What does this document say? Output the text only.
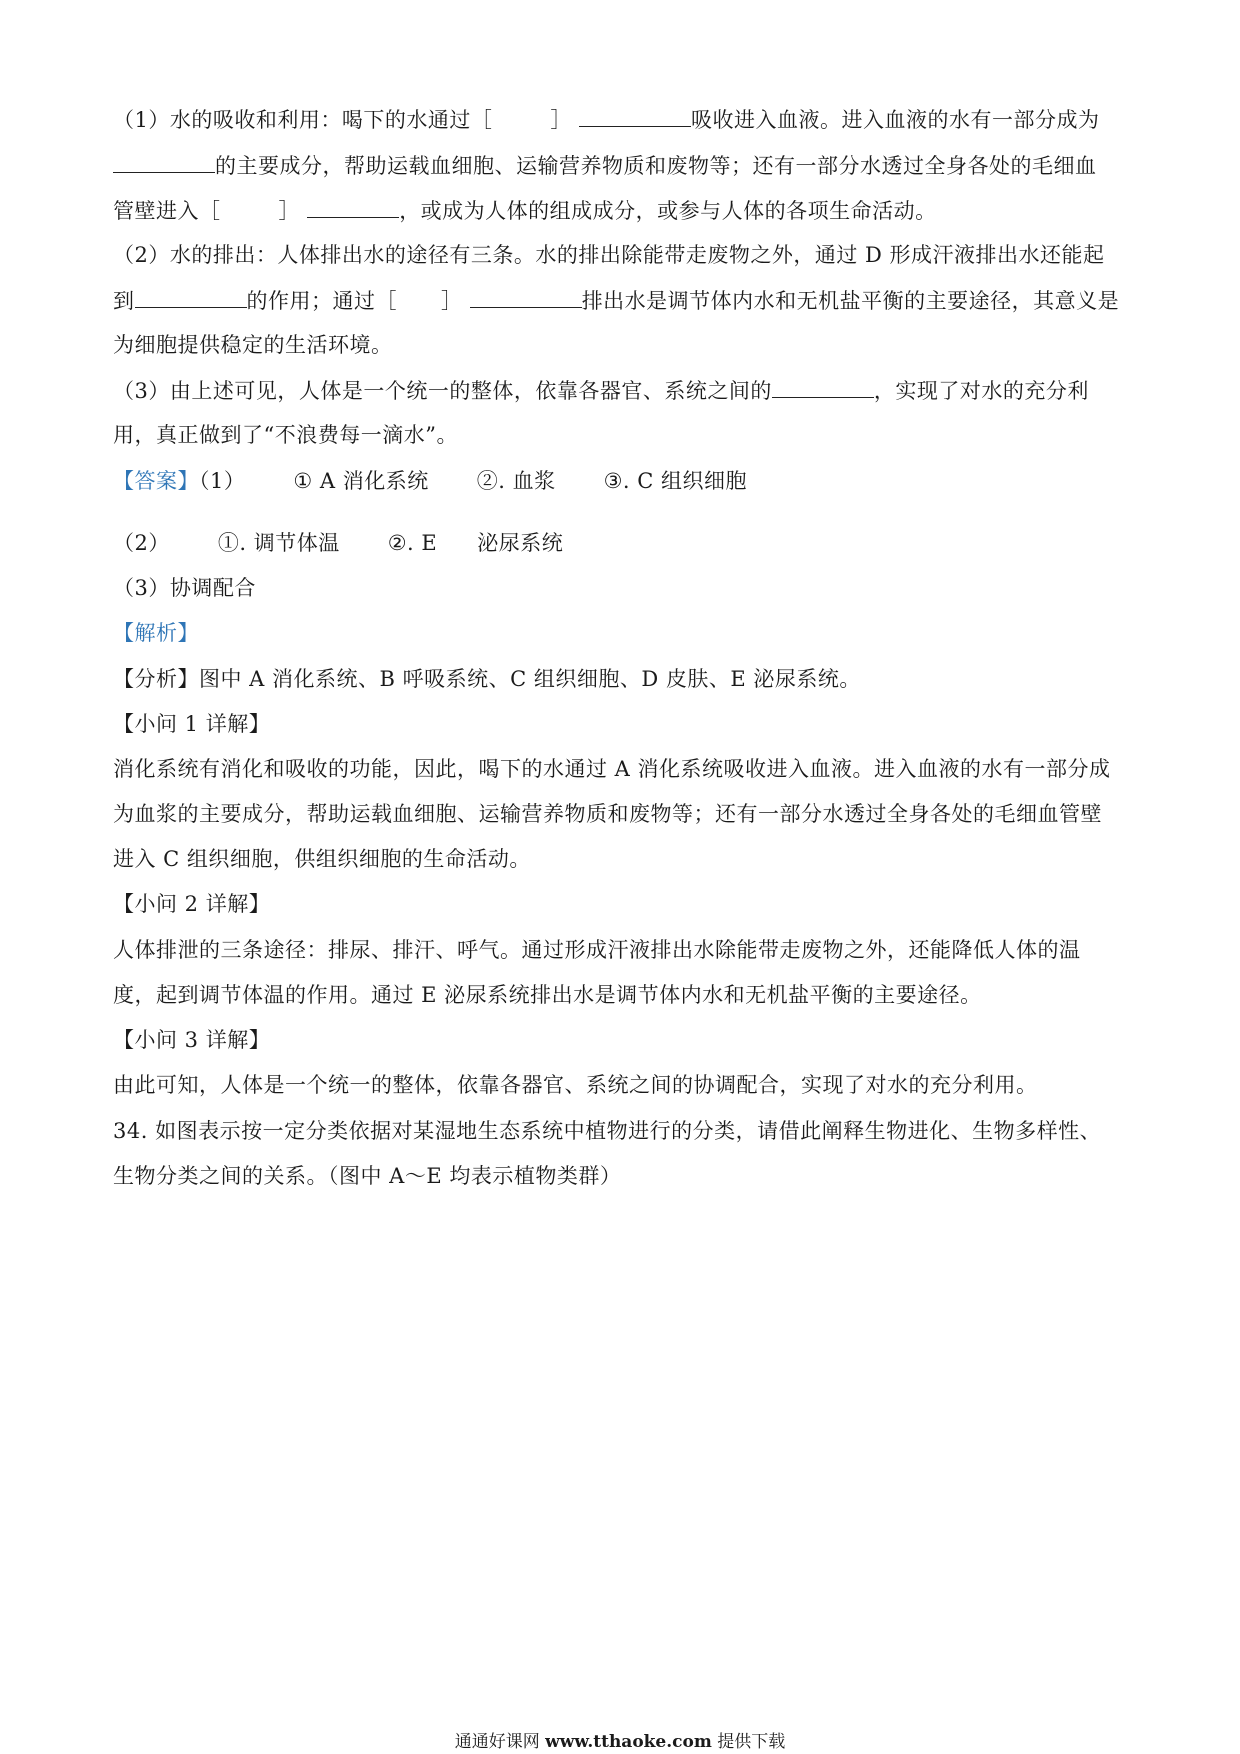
（1）水的吸收和利用：喝下的水通过［	］	吸收进入血液。进入血液的水有一部分成为
的主要成分，帮助运载血细胞、运输营养物质和废物等；还有一部分水透过全身各处的毛细血
管壁进入［	］	，或成为人体的组成成分，或参与人体的各项生命活动。
（2）水的排出：人体排出水的途径有三条。水的排出除能带走废物之外，通过 D 形成汗液排出水还能起
到	的作用；通过［ ］	排出水是调节体内水和无机盐平衡的主要途径，其意义是
为细胞提供稳定的生活环境。
（3）由上述可见，人体是一个统一的整体，依靠各器官、系统之间的	，实现了对水的充分利
用，真正做到了“不浪费每一滴水”。
【答案】（1） ① A 消化系统 ②. 血浆 ③. C 组织细胞
（2） ①. 调节体温 ②. E 泌尿系统
（3）协调配合
【解析】
【分析】图中 A 消化系统、B 呼吸系统、C 组织细胞、D 皮肤、E 泌尿系统。
【小问 1 详解】
消化系统有消化和吸收的功能，因此，喝下的水通过 A 消化系统吸收进入血液。进入血液的水有一部分成
为血浆的主要成分，帮助运载血细胞、运输营养物质和废物等；还有一部分水透过全身各处的毛细血管壁
进入 C 组织细胞，供组织细胞的生命活动。
【小问 2 详解】
人体排泄的三条途径：排尿、排汗、呼气。通过形成汗液排出水除能带走废物之外，还能降低人体的温
度，起到调节体温的作用。通过 E 泌尿系统排出水是调节体内水和无机盐平衡的主要途径。
【小问 3 详解】
由此可知，人体是一个统一的整体，依靠各器官、系统之间的协调配合，实现了对水的充分利用。
34. 如图表示按一定分类依据对某湿地生态系统中植物进行的分类，请借此阐释生物进化、生物多样性、
生物分类之间的关系。（图中 A～E 均表示植物类群）
通通好课网 www.tthaoke.com 提供下载
